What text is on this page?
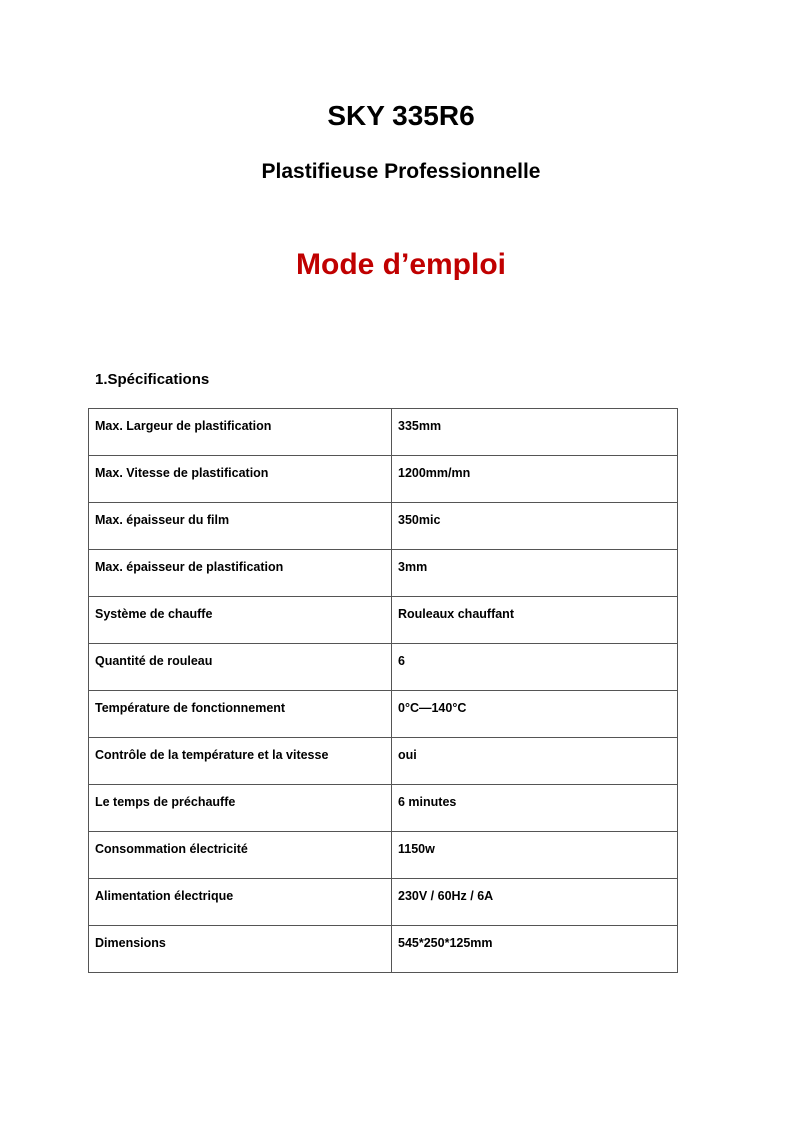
SKY 335R6
Plastifieuse Professionnelle
Mode d’emploi
1.Spécifications
Max. Largeur de plastification	335mm

Max. Vitesse de plastification	1200mm/mn

Max. épaisseur du film	350mic

Max. épaisseur de plastification	3mm

Système de chauffe	Rouleaux chauffant

Quantité de rouleau	6

Température de fonctionnement	0°C—140°C

Contrôle de la température et la vitesse	oui

Le temps de préchauffe	6 minutes

Consommation électricité	1150w

Alimentation électrique	230V / 60Hz / 6A

Dimensions	545*250*125mm
